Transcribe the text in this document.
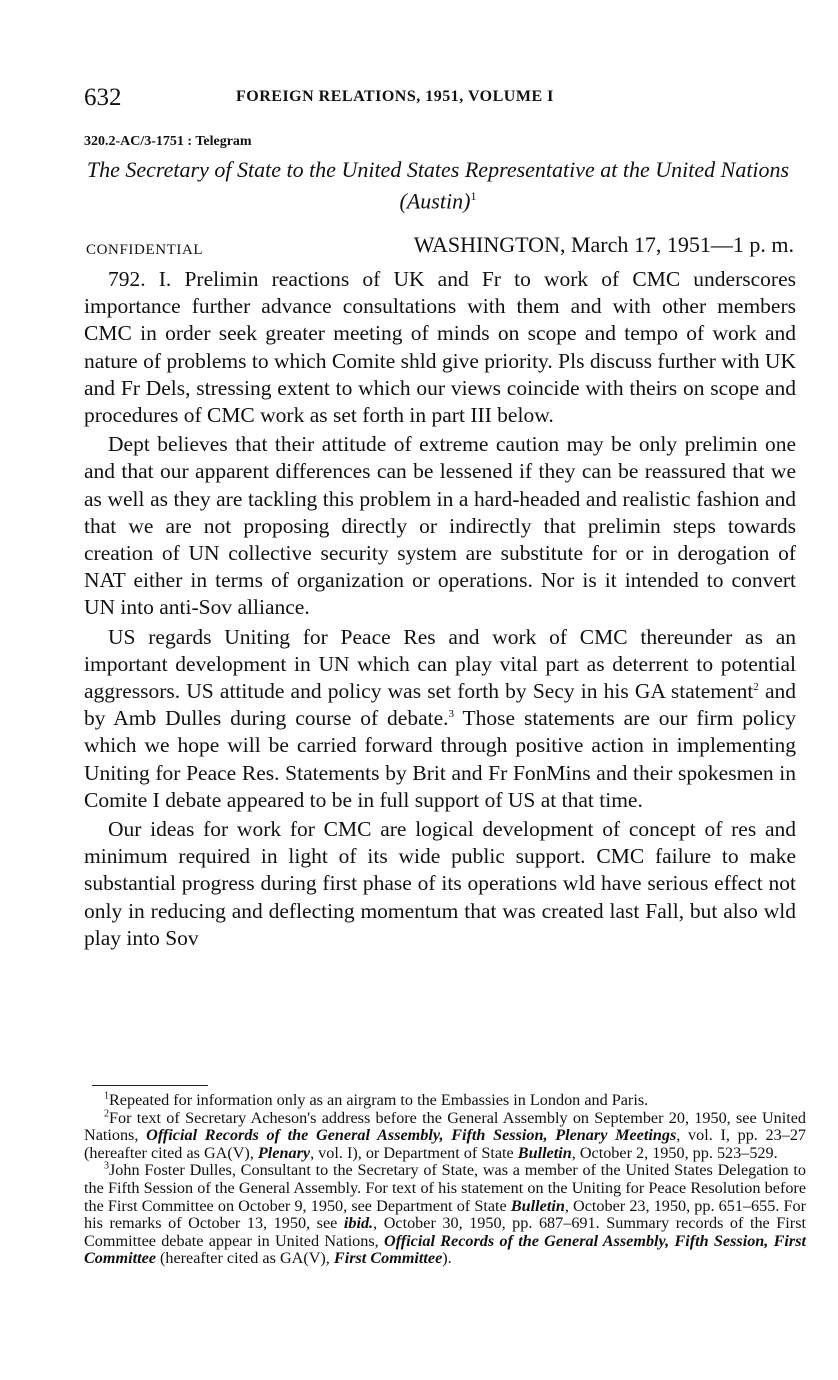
632	FOREIGN RELATIONS, 1951, VOLUME I
320.2-AC/3-1751 : Telegram
The Secretary of State to the United States Representative at the United Nations (Austin)$^1$
CONFIDENTIAL	WASHINGTON, March 17, 1951—1 p. m.

792. I. Prelimin reactions of UK and Fr to work of CMC underscores importance further advance consultations with them and with other members CMC in order seek greater meeting of minds on scope and tempo of work and nature of problems to which Comite shld give priority. Pls discuss further with UK and Fr Dels, stressing extent to which our views coincide with theirs on scope and procedures of CMC work as set forth in part III below.

Dept believes that their attitude of extreme caution may be only prelimin one and that our apparent differences can be lessened if they can be reassured that we as well as they are tackling this problem in a hard-headed and realistic fashion and that we are not proposing directly or indirectly that prelimin steps towards creation of UN collective security system are substitute for or in derogation of NAT either in terms of organization or operations. Nor is it intended to convert UN into anti-Sov alliance.

US regards Uniting for Peace Res and work of CMC thereunder as an important development in UN which can play vital part as deterrent to potential aggressors. US attitude and policy was set forth by Secy in his GA statement$^2$ and by Amb Dulles during course of debate.$^3$ Those statements are our firm policy which we hope will be carried forward through positive action in implementing Uniting for Peace Res. Statements by Brit and Fr FonMins and their spokesmen in Comite I debate appeared to be in full support of US at that time.

Our ideas for work for CMC are logical development of concept of res and minimum required in light of its wide public support. CMC failure to make substantial progress during first phase of its operations wld have serious effect not only in reducing and deflecting momentum that was created last Fall, but also wld play into Sov

$^1$Repeated for information only as an airgram to the Embassies in London and Paris.

$^2$For text of Secretary Acheson's address before the General Assembly on September 20, 1950, see United Nations, Official Records of the General Assembly, Fifth Session, Plenary Meetings, vol. I, pp. 23–27 (hereafter cited as GA(V), Plenary, vol. I), or Department of State Bulletin, October 2, 1950, pp. 523–529.

$^3$John Foster Dulles, Consultant to the Secretary of State, was a member of the United States Delegation to the Fifth Session of the General Assembly. For text of his statement on the Uniting for Peace Resolution before the First Committee on October 9, 1950, see Department of State Bulletin, October 23, 1950, pp. 651–655. For his remarks of October 13, 1950, see ibid., October 30, 1950, pp. 687–691. Summary records of the First Committee debate appear in United Nations, Official Records of the General Assembly, Fifth Session, First Committee (hereafter cited as GA(V), First Committee).
